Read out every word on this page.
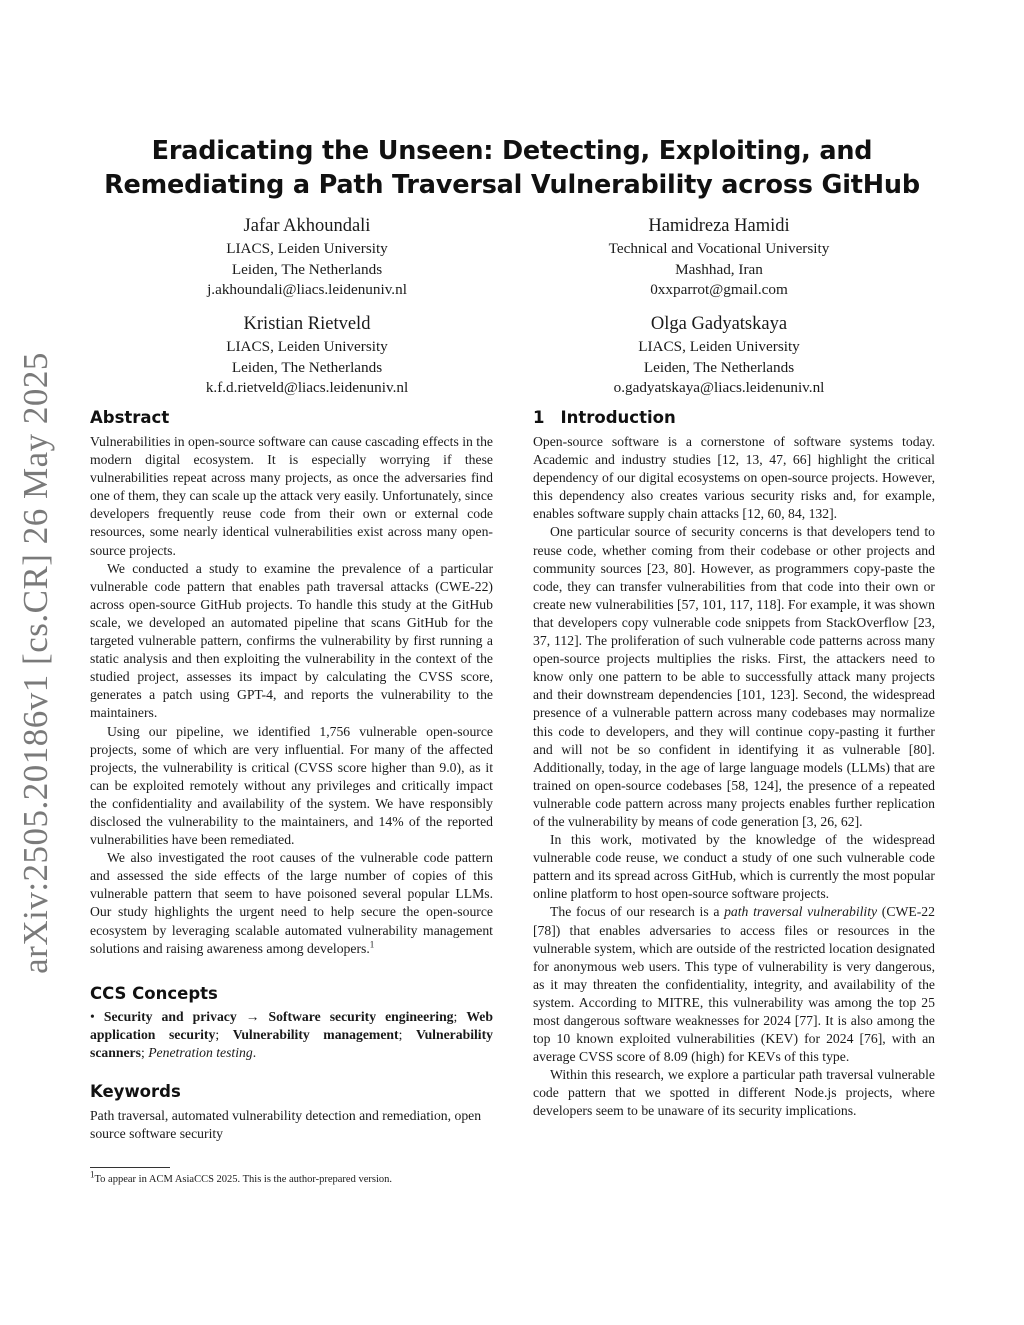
arXiv:2505.20186v1 [cs.CR] 26 May 2025
Eradicating the Unseen: Detecting, Exploiting, and Remediating a Path Traversal Vulnerability across GitHub
Jafar Akhoundali
LIACS, Leiden University
Leiden, The Netherlands
j.akhoundali@liacs.leidenuniv.nl
Hamidreza Hamidi
Technical and Vocational University
Mashhad, Iran
0xxparrot@gmail.com
Kristian Rietveld
LIACS, Leiden University
Leiden, The Netherlands
k.f.d.rietveld@liacs.leidenuniv.nl
Olga Gadyatskaya
LIACS, Leiden University
Leiden, The Netherlands
o.gadyatskaya@liacs.leidenuniv.nl
Abstract

Vulnerabilities in open-source software can cause cascading effects in the modern digital ecosystem. It is especially worrying if these vulnerabilities repeat across many projects, as once the adversaries find one of them, they can scale up the attack very easily. Unfortunately, since developers frequently reuse code from their own or external code resources, some nearly identical vulnerabilities exist across many open-source projects.

We conducted a study to examine the prevalence of a particular vulnerable code pattern that enables path traversal attacks (CWE-22) across open-source GitHub projects. To handle this study at the GitHub scale, we developed an automated pipeline that scans GitHub for the targeted vulnerable pattern, confirms the vulnerability by first running a static analysis and then exploiting the vulnerability in the context of the studied project, assesses its impact by calculating the CVSS score, generates a patch using GPT-4, and reports the vulnerability to the maintainers.

Using our pipeline, we identified 1,756 vulnerable open-source projects, some of which are very influential. For many of the affected projects, the vulnerability is critical (CVSS score higher than 9.0), as it can be exploited remotely without any privileges and critically impact the confidentiality and availability of the system. We have responsibly disclosed the vulnerability to the maintainers, and 14% of the reported vulnerabilities have been remediated.

We also investigated the root causes of the vulnerable code pattern and assessed the side effects of the large number of copies of this vulnerable pattern that seem to have poisoned several popular LLMs. Our study highlights the urgent need to help secure the open-source ecosystem by leveraging scalable automated vulnerability management solutions and raising awareness among developers.$^1$

CCS Concepts

• Security and privacy → Software security engineering; Web application security; Vulnerability management; Vulnerability scanners; Penetration testing.

Keywords

Path traversal, automated vulnerability detection and remediation, open source software security

$^1$To appear in ACM AsiaCCS 2025. This is the author-prepared version.
1 Introduction

Open-source software is a cornerstone of software systems today. Academic and industry studies [12, 13, 47, 66] highlight the critical dependency of our digital ecosystems on open-source projects. However, this dependency also creates various security risks and, for example, enables software supply chain attacks [12, 60, 84, 132].

One particular source of security concerns is that developers tend to reuse code, whether coming from their codebase or other projects and community sources [23, 80]. However, as programmers copy-paste the code, they can transfer vulnerabilities from that code into their own or create new vulnerabilities [57, 101, 117, 118]. For example, it was shown that developers copy vulnerable code snippets from StackOverflow [23, 37, 112]. The proliferation of such vulnerable code patterns across many open-source projects multiplies the risks. First, the attackers need to know only one pattern to be able to successfully attack many projects and their downstream dependencies [101, 123]. Second, the widespread presence of a vulnerable pattern across many codebases may normalize this code to developers, and they will continue copy-pasting it further and will not be so confident in identifying it as vulnerable [80]. Additionally, today, in the age of large language models (LLMs) that are trained on open-source codebases [58, 124], the presence of a repeated vulnerable code pattern across many projects enables further replication of the vulnerability by means of code generation [3, 26, 62].

In this work, motivated by the knowledge of the widespread vulnerable code reuse, we conduct a study of one such vulnerable code pattern and its spread across GitHub, which is currently the most popular online platform to host open-source software projects.

The focus of our research is a path traversal vulnerability (CWE-22 [78]) that enables adversaries to access files or resources in the vulnerable system, which are outside of the restricted location designated for anonymous web users. This type of vulnerability is very dangerous, as it may threaten the confidentiality, integrity, and availability of the system. According to MITRE, this vulnerability was among the top 25 most dangerous software weaknesses for 2024 [77]. It is also among the top 10 known exploited vulnerabilities (KEV) for 2024 [76], with an average CVSS score of 8.09 (high) for KEVs of this type.

Within this research, we explore a particular path traversal vulnerable code pattern that we spotted in different Node.js projects, where developers seem to be unaware of its security implications.
